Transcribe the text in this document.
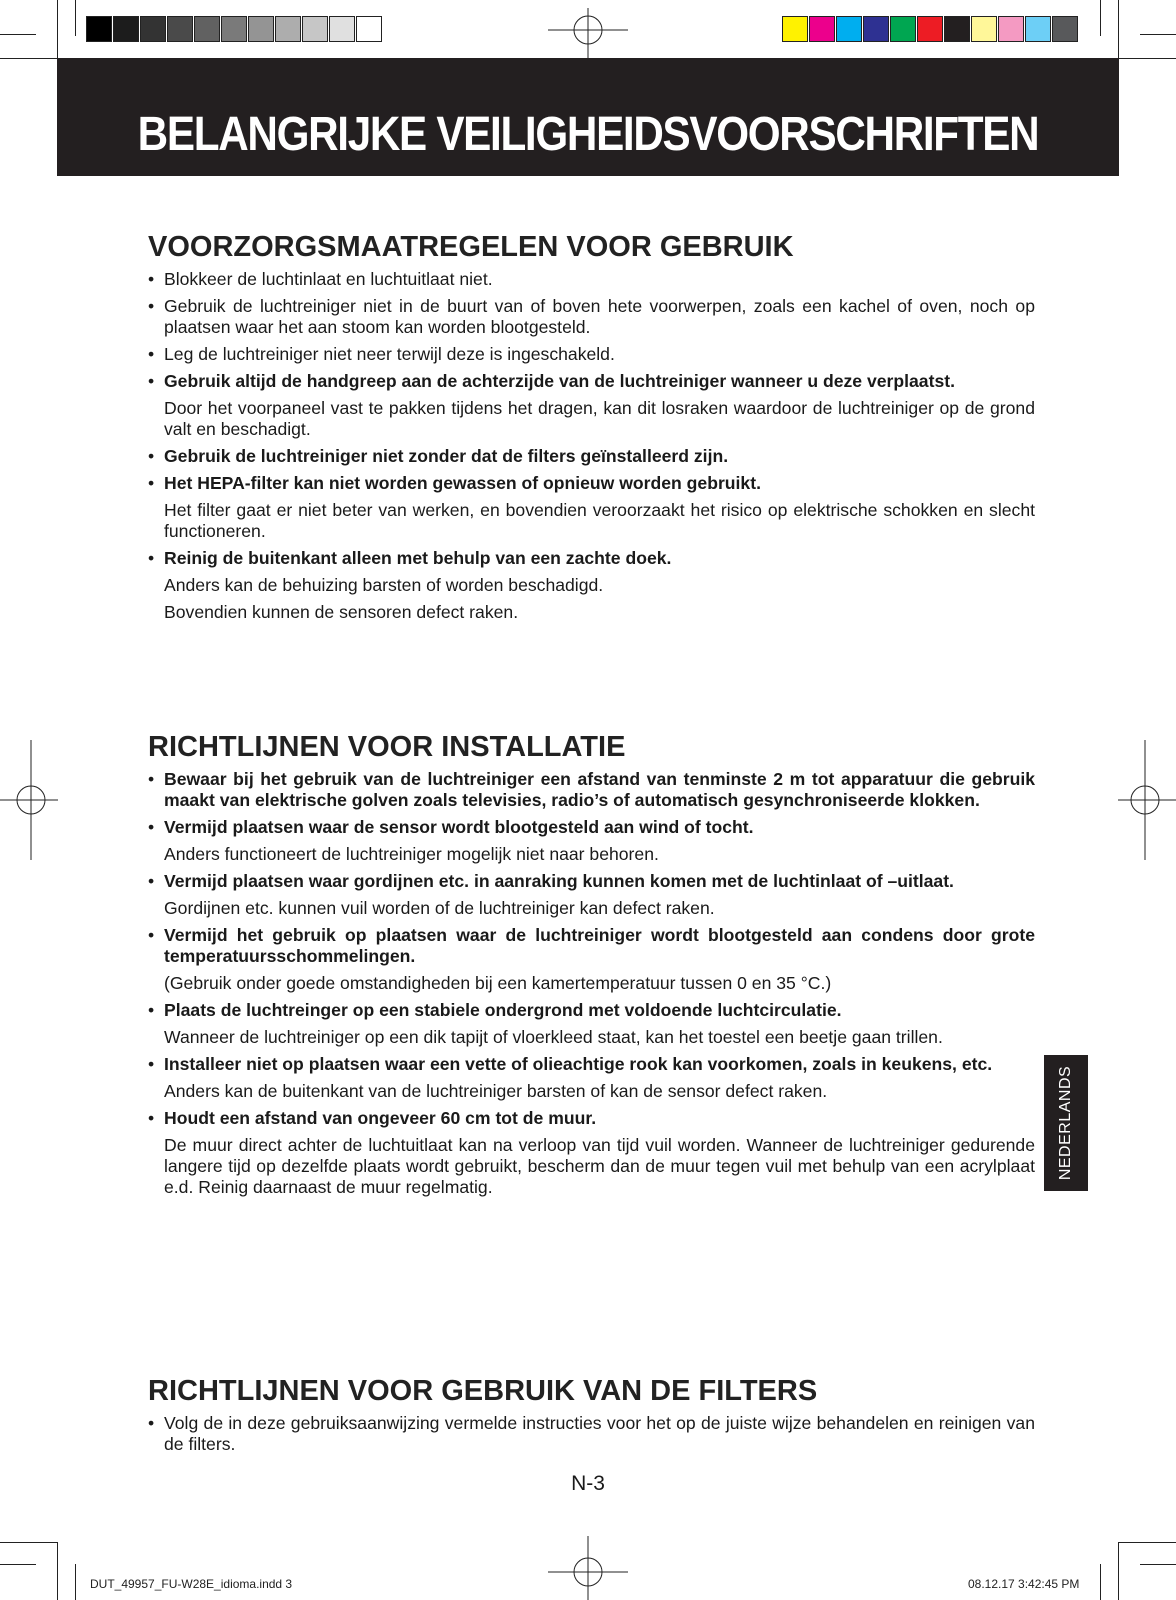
BELANGRIJKE VEILIGHEIDSVOORSCHRIFTEN
VOORZORGSMAATREGELEN VOOR GEBRUIK
• Blokkeer de luchtinlaat en luchtuitlaat niet.
• Gebruik de luchtreiniger niet in de buurt van of boven hete voorwerpen, zoals een kachel of oven, noch op plaatsen waar het aan stoom kan worden blootgesteld.
• Leg de luchtreiniger niet neer terwijl deze is ingeschakeld.
• Gebruik altijd de handgreep aan de achterzijde van de luchtreiniger wanneer u deze verplaatst.
Door het voorpaneel vast te pakken tijdens het dragen, kan dit losraken waardoor de luchtreiniger op de grond valt en beschadigt.
• Gebruik de luchtreiniger niet zonder dat de filters geïnstalleerd zijn.
• Het HEPA-filter kan niet worden gewassen of opnieuw worden gebruikt.
Het filter gaat er niet beter van werken, en bovendien veroorzaakt het risico op elektrische schokken en slecht functioneren.
• Reinig de buitenkant alleen met behulp van een zachte doek.
Anders kan de behuizing barsten of worden beschadigd.
Bovendien kunnen de sensoren defect raken.
RICHTLIJNEN VOOR INSTALLATIE
• Bewaar bij het gebruik van de luchtreiniger een afstand van tenminste 2 m tot apparatuur die gebruik maakt van elektrische golven zoals televisies, radio’s of automatisch gesynchroniseerde klokken.
• Vermijd plaatsen waar de sensor wordt blootgesteld aan wind of tocht.
Anders functioneert de luchtreiniger mogelijk niet naar behoren.
• Vermijd plaatsen waar gordijnen etc. in aanraking kunnen komen met de luchtinlaat of –uitlaat.
Gordijnen etc. kunnen vuil worden of de luchtreiniger kan defect raken.
• Vermijd het gebruik op plaatsen waar de luchtreiniger wordt blootgesteld aan condens door grote temperatuursschommelingen.
(Gebruik onder goede omstandigheden bij een kamertemperatuur tussen 0 en 35 °C.)
• Plaats de luchtreinger op een stabiele ondergrond met voldoende luchtcirculatie.
Wanneer de luchtreiniger op een dik tapijt of vloerkleed staat, kan het toestel een beetje gaan trillen.
• Installeer niet op plaatsen waar een vette of olieachtige rook kan voorkomen, zoals in keukens, etc.
Anders kan de buitenkant van de luchtreiniger barsten of kan de sensor defect raken.
• Houdt een afstand van ongeveer 60 cm tot de muur.
De muur direct achter de luchtuitlaat kan na verloop van tijd vuil worden. Wanneer de luchtreiniger gedurende langere tijd op dezelfde plaats wordt gebruikt, bescherm dan de muur tegen vuil met behulp van een acrylplaat e.d. Reinig daarnaast de muur regelmatig.
RICHTLIJNEN VOOR GEBRUIK VAN DE FILTERS
• Volg de in deze gebruiksaanwijzing vermelde instructies voor het op de juiste wijze behandelen en reinigen van de filters.
NEDERLANDS
N-3
DUT_49957_FU-W28E_idioma.indd 3	08.12.17 3:42:45 PM
